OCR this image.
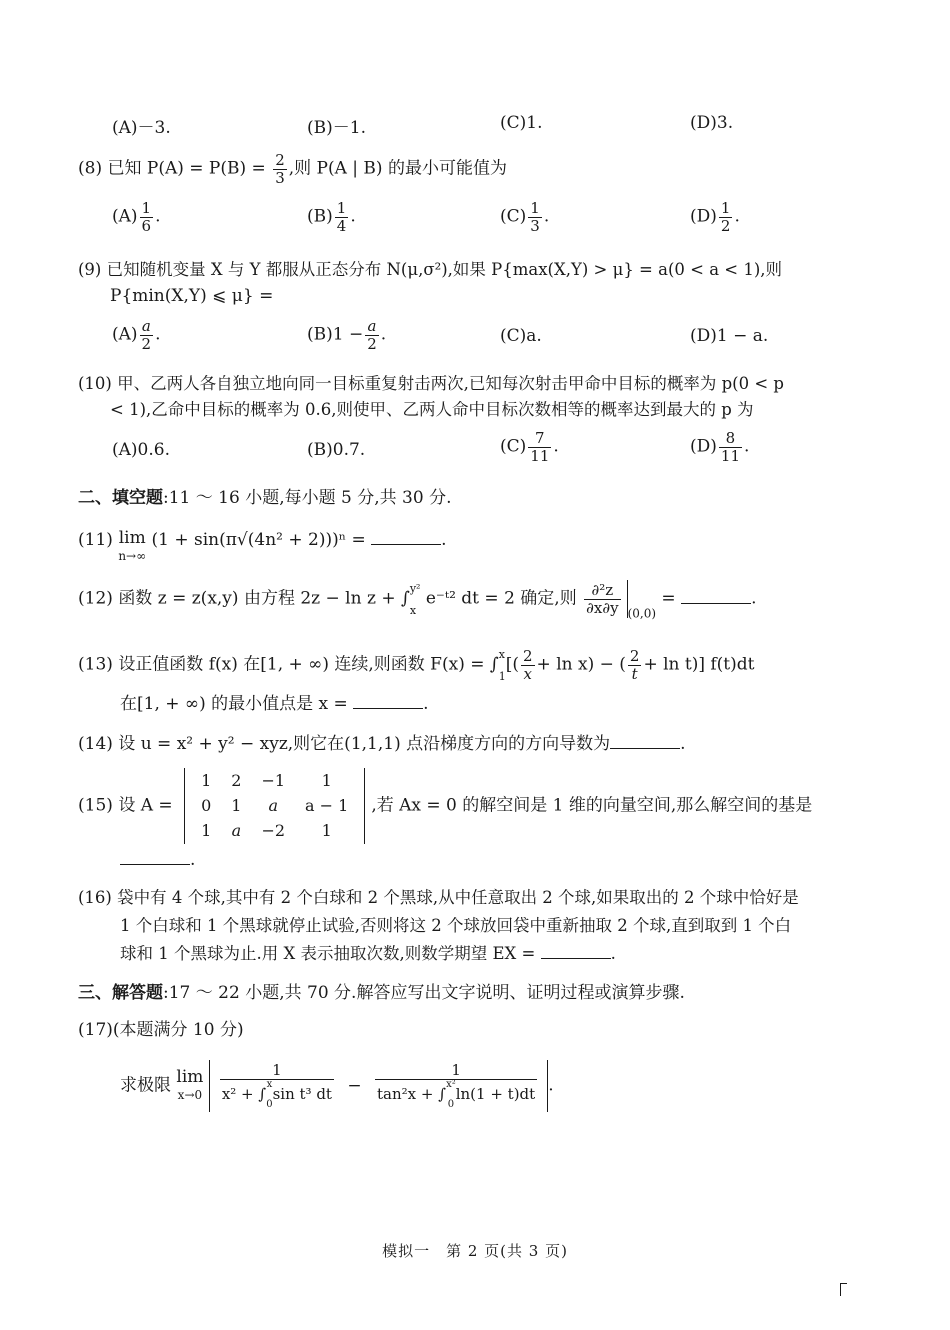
(A)－3.	(B)－1.	(C)1.	(D)3.
(8) 已知 $P(A) = P(B) = \frac{2}{3}$ ,则 P(A | B) 的最小可能值为
$(A) \frac{1}{6}$ .	$(B) \frac{1}{4}$ .	$(C) \frac{1}{3}$ .	$(D) \frac{1}{2}$ .
(9) 已知随机变量 X 与 Y 都服从正态分布 N(μ,σ²),如果 P{max(X,Y) > μ} = a(0 < a < 1),则
P{min(X,Y) ⩽ μ} =
$(A) \frac{a}{2}$ .	$(B)1 - \frac{a}{2}$ .	(C)a.	(D)1 − a.
(10) 甲、乙两人各自独立地向同一目标重复射击两次,已知每次射击甲命中目标的概率为 p(0 < p
< 1),乙命中目标的概率为 0.6,则使甲、乙两人命中目标次数相等的概率达到最大的 p 为
(A)0.6.	(B)0.7.	$(C) \frac{7}{11}$ .	$(D) \frac{8}{11}$ .
二、填空题:11 ～ 16 小题,每小题 5 分,共 30 分.
(11) lim
n→∞ (1 + sin(π√(4n² + 2)))ⁿ =	.
(12) 函数 z = z(x,y) 由方程 2z − ln z + ∫y²

x e⁻ᵗ² dt = 2 确定,则 $\frac{\text{∂²z}}{\partial x\partial y} _{(0,0)}$ =	.
(13) 设正值函数 f(x) 在[1, + ∞) 连续,则函数 F(x) = ∫x

$1[( \frac{2}{x} + \ln x)$ − ( $\frac{2}{t} + \ln t$)] f(t)dt
在[1, + ∞) 的最小值点是 x =	.
(14) 设 u = x² + y² − xyz,则它在(1,1,1) 点沿梯度方向的方向导数为	.
(15) 设 A =
1	2	−1	1
0	1	a	a − 1
1	a	−2	1
,若 Ax = 0 的解空间是 1 维的向量空间,那么解空间的基是
.
(16) 袋中有 4 个球,其中有 2 个白球和 2 个黑球,从中任意取出 2 个球,如果取出的 2 个球中恰好是
1 个白球和 1 个黑球就停止试验,否则将这 2 个球放回袋中重新抽取 2 个球,直到取到 1 个白
球和 1 个黑球为止.用 X 表示抽取次数,则数学期望 EX =	.
三、解答题:17 ～ 22 小题,共 70 分.解答应写出文字说明、证明过程或演算步骤.
(17)(本题满分 10 分)
求极限 lim
x→0
1
x² + ∫x

0sin t³ dt −
1
tan²x + ∫x²

0ln(1 + t)dt .
模拟一　第 2 页(共 3 页)
